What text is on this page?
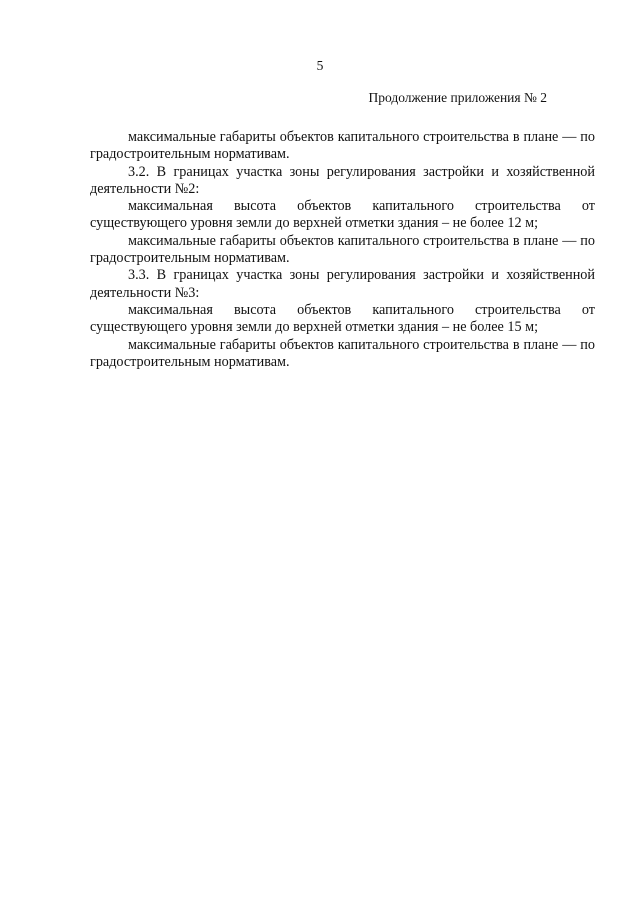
5
Продолжение приложения № 2

максимальные габариты объектов капитального строительства в плане — по градостроительным нормативам.

3.2. В границах участка зоны регулирования застройки и хозяйственной деятельности №2:

максимальная высота объектов капитального строительства от существующего уровня земли до верхней отметки здания – не более 12 м;

максимальные габариты объектов капитального строительства в плане — по градостроительным нормативам.

3.3. В границах участка зоны регулирования застройки и хозяйственной деятельности №3:

максимальная высота объектов капитального строительства от существующего уровня земли до верхней отметки здания – не более 15 м;

максимальные габариты объектов капитального строительства в плане — по градостроительным нормативам.
